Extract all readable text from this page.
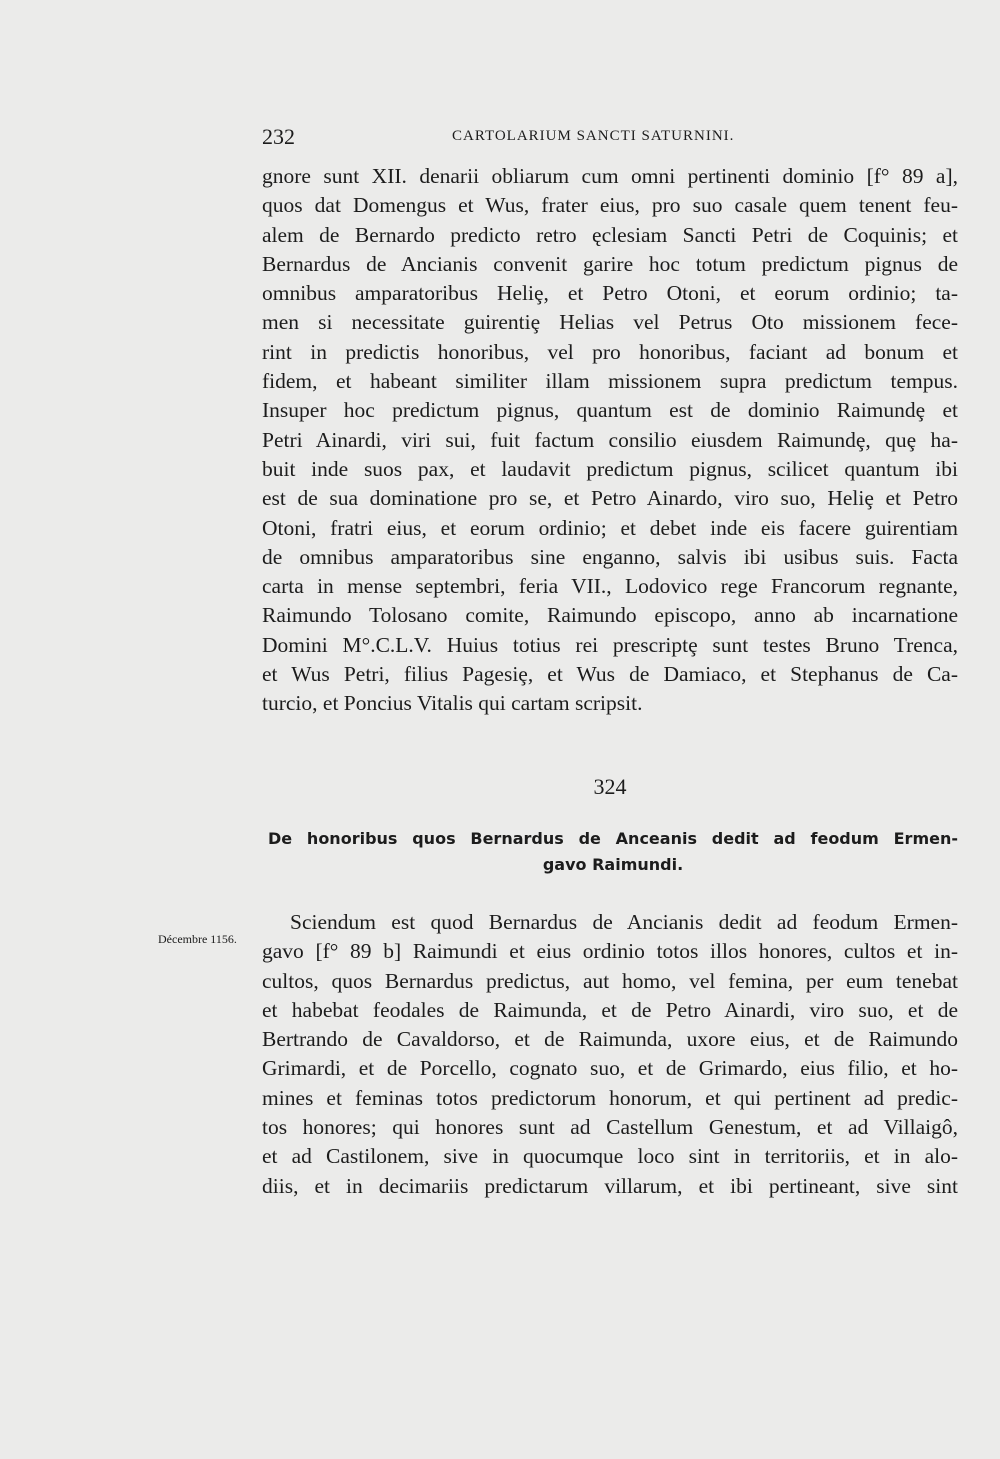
232	CARTOLARIUM SANCTI SATURNINI.
gnore sunt XII. denarii obliarum cum omni pertinenti dominio [f° 89 a],
quos dat Domengus et Wus, frater eius, pro suo casale quem tenent feu-
alem de Bernardo predicto retro ęclesiam Sancti Petri de Coquinis; et
Bernardus de Ancianis convenit garire hoc totum predictum pignus de
omnibus amparatoribus Heliȩ, et Petro Otoni, et eorum ordinio; ta-
men si necessitate guirentiȩ Helias vel Petrus Oto missionem fece-
rint in predictis honoribus, vel pro honoribus, faciant ad bonum et
fidem, et habeant similiter illam missionem supra predictum tempus.
Insuper hoc predictum pignus, quantum est de dominio Raimundȩ et
Petri Ainardi, viri sui, fuit factum consilio eiusdem Raimundȩ, quȩ ha-
buit inde suos pax, et laudavit predictum pignus, scilicet quantum ibi
est de sua dominatione pro se, et Petro Ainardo, viro suo, Heliȩ et Petro
Otoni, fratri eius, et eorum ordinio; et debet inde eis facere guirentiam
de omnibus amparatoribus sine enganno, salvis ibi usibus suis. Facta
carta in mense septembri, feria VII., Lodovico rege Francorum regnante,
Raimundo Tolosano comite, Raimundo episcopo, anno ab incarnatione
Domini M°.C.L.V. Huius totius rei prescriptȩ sunt testes Bruno Trenca,
et Wus Petri, filius Pagesiȩ, et Wus de Damiaco, et Stephanus de Ca-
turcio, et Poncius Vitalis qui cartam scripsit.
324
De honoribus quos Bernardus de Anceanis dedit ad feodum Ermen-
gavo Raimundi.
Décembre 1156.
Sciendum est quod Bernardus de Ancianis dedit ad feodum Ermen-
gavo [f° 89 b] Raimundi et eius ordinio totos illos honores, cultos et in-
cultos, quos Bernardus predictus, aut homo, vel femina, per eum tenebat
et habebat feodales de Raimunda, et de Petro Ainardi, viro suo, et de
Bertrando de Cavaldorso, et de Raimunda, uxore eius, et de Raimundo
Grimardi, et de Porcello, cognato suo, et de Grimardo, eius filio, et ho-
mines et feminas totos predictorum honorum, et qui pertinent ad predic-
tos honores; qui honores sunt ad Castellum Genestum, et ad Villaigô,
et ad Castilonem, sive in quocumque loco sint in territoriis, et in alo-
diis, et in decimariis predictarum villarum, et ibi pertineant, sive sint
